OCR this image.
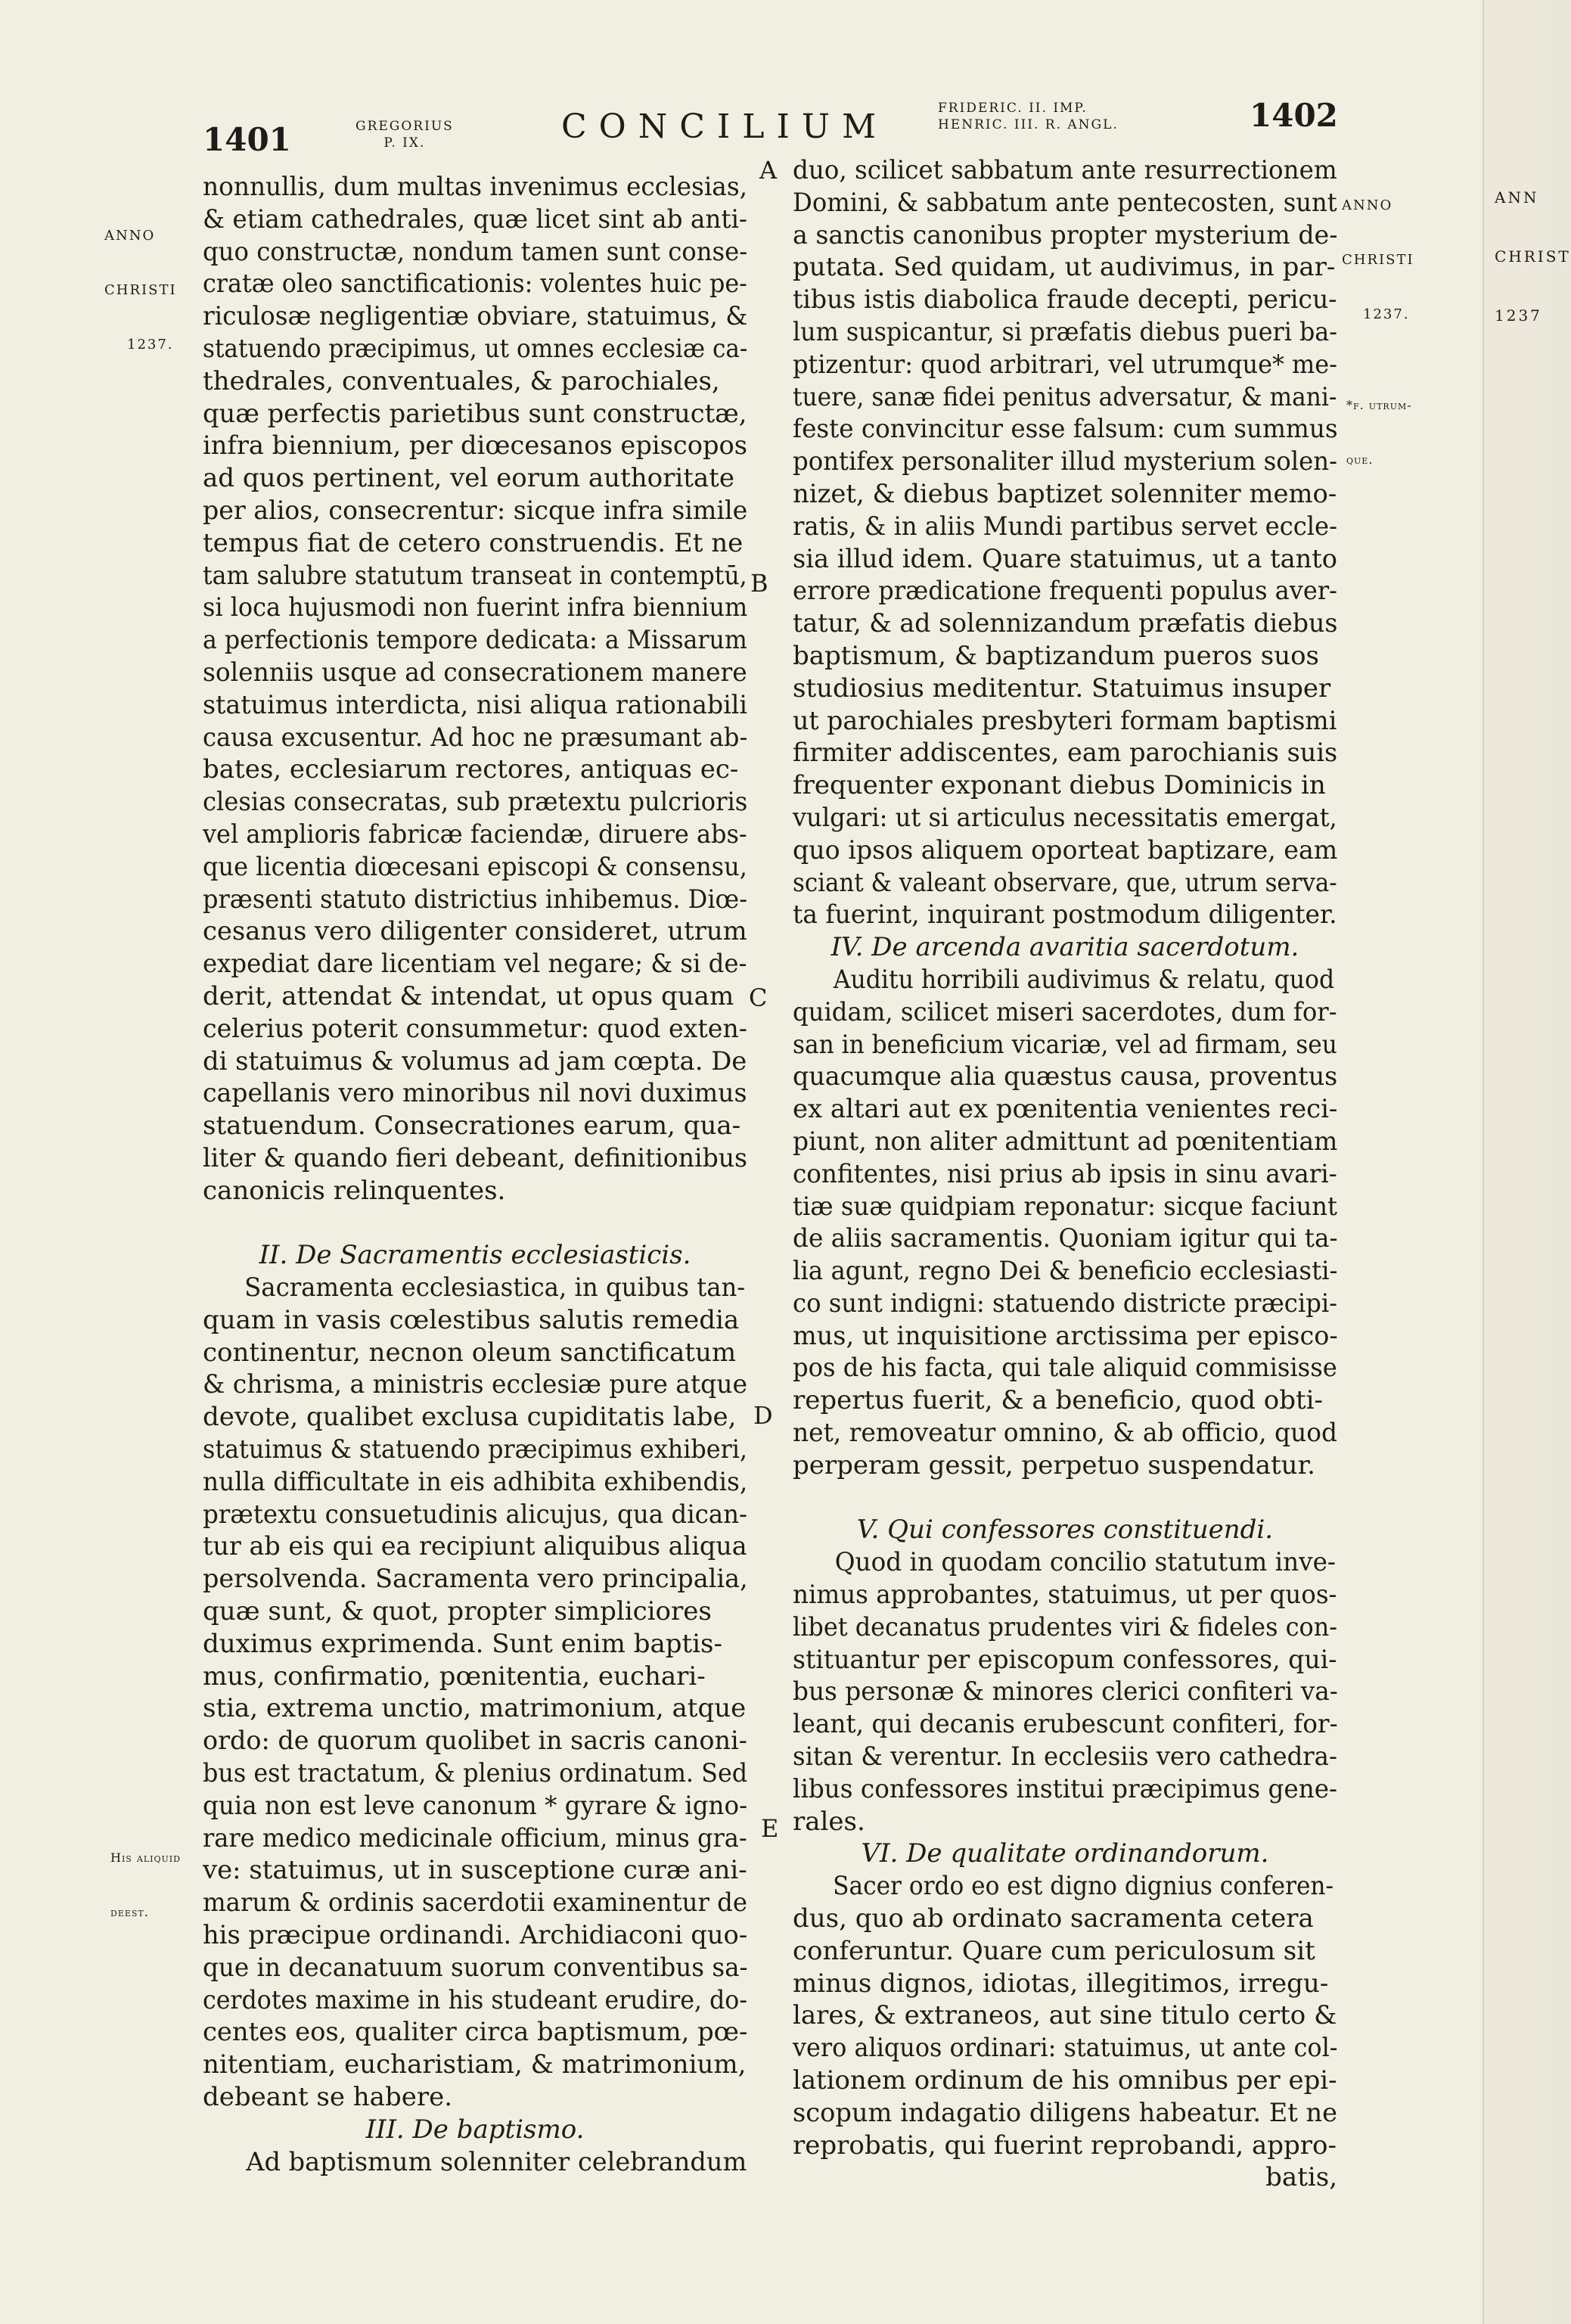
1401	GREGORIUS
P. IX.	CONCILIUM	FRIDERIC. II. IMP.
HENRIC. III. R. ANGL.	1402

ANNO

CHRISTI

1237.

ANNO

CHRISTI

1237.

His aliquid

deest.

*f. utrum-

que.

A
B
C
D
E
nonnullis, dum multas invenimus ecclesias,
& etiam cathedrales, quæ licet sint ab anti-
quo constructæ, nondum tamen sunt conse-
cratæ oleo sanctificationis: volentes huic pe-
riculosæ negligentiæ obviare, statuimus, &
statuendo præcipimus, ut omnes ecclesiæ ca-
thedrales, conventuales, & parochiales,
quæ perfectis parietibus sunt constructæ,
infra biennium, per diœcesanos episcopos
ad quos pertinent, vel eorum authoritate
per alios, consecrentur: sicque infra simile
tempus fiat de cetero construendis. Et ne
tam salubre statutum transeat in contemptū,
si loca hujusmodi non fuerint infra biennium
a perfectionis tempore dedicata: a Missarum
solenniis usque ad consecrationem manere
statuimus interdicta, nisi aliqua rationabili
causa excusentur. Ad hoc ne præsumant ab-
bates, ecclesiarum rectores, antiquas ec-
clesias consecratas, sub prætextu pulcrioris
vel amplioris fabricæ faciendæ, diruere abs-
que licentia diœcesani episcopi & consensu,
præsenti statuto districtius inhibemus. Diœ-
cesanus vero diligenter consideret, utrum
expediat dare licentiam vel negare; & si de-
derit, attendat & intendat, ut opus quam
celerius poterit consummetur: quod exten-
di statuimus & volumus ad jam cœpta. De
capellanis vero minoribus nil novi duximus
statuendum. Consecrationes earum, qua-
liter & quando fieri debeant, definitionibus
canonicis relinquentes.
II. De Sacramentis ecclesiasticis.
Sacramenta ecclesiastica, in quibus tan-
quam in vasis cœlestibus salutis remedia
continentur, necnon oleum sanctificatum
& chrisma, a ministris ecclesiæ pure atque
devote, qualibet exclusa cupiditatis labe,
statuimus & statuendo præcipimus exhiberi,
nulla difficultate in eis adhibita exhibendis,
prætextu consuetudinis alicujus, qua dican-
tur ab eis qui ea recipiunt aliquibus aliqua
persolvenda. Sacramenta vero principalia,
quæ sunt, & quot, propter simpliciores
duximus exprimenda. Sunt enim baptis-
mus, confirmatio, pœnitentia, euchari-
stia, extrema unctio, matrimonium, atque
ordo: de quorum quolibet in sacris canoni-
bus est tractatum, & plenius ordinatum. Sed
quia non est leve canonum * gyrare & igno-
rare medico medicinale officium, minus gra-
ve: statuimus, ut in susceptione curæ ani-
marum & ordinis sacerdotii examinentur de
his præcipue ordinandi. Archidiaconi quo-
que in decanatuum suorum conventibus sa-
cerdotes maxime in his studeant erudire, do-
centes eos, qualiter circa baptismum, pœ-
nitentiam, eucharistiam, & matrimonium,
debeant se habere.
III. De baptismo.
Ad baptismum solenniter celebrandum
duo, scilicet sabbatum ante resurrectionem
Domini, & sabbatum ante pentecosten, sunt
a sanctis canonibus propter mysterium de-
putata. Sed quidam, ut audivimus, in par-
tibus istis diabolica fraude decepti, pericu-
lum suspicantur, si præfatis diebus pueri ba-
ptizentur: quod arbitrari, vel utrumque* me-
tuere, sanæ fidei penitus adversatur, & mani-
feste convincitur esse falsum: cum summus
pontifex personaliter illud mysterium solen-
nizet, & diebus baptizet solenniter memo-
ratis, & in aliis Mundi partibus servet eccle-
sia illud idem. Quare statuimus, ut a tanto
errore prædicatione frequenti populus aver-
tatur, & ad solennizandum præfatis diebus
baptismum, & baptizandum pueros suos
studiosius meditentur. Statuimus insuper
ut parochiales presbyteri formam baptismi
firmiter addiscentes, eam parochianis suis
frequenter exponant diebus Dominicis in
vulgari: ut si articulus necessitatis emergat,
quo ipsos aliquem oporteat baptizare, eam
sciant & valeant observare, que, utrum serva-
ta fuerint, inquirant postmodum diligenter.
IV. De arcenda avaritia sacerdotum.
Auditu horribili audivimus & relatu, quod
quidam, scilicet miseri sacerdotes, dum for-
san in beneficium vicariæ, vel ad firmam, seu
quacumque alia quæstus causa, proventus
ex altari aut ex pœnitentia venientes reci-
piunt, non aliter admittunt ad pœnitentiam
confitentes, nisi prius ab ipsis in sinu avari-
tiæ suæ quidpiam reponatur: sicque faciunt
de aliis sacramentis. Quoniam igitur qui ta-
lia agunt, regno Dei & beneficio ecclesiasti-
co sunt indigni: statuendo districte præcipi-
mus, ut inquisitione arctissima per episco-
pos de his facta, qui tale aliquid commisisse
repertus fuerit, & a beneficio, quod obti-
net, removeatur omnino, & ab officio, quod
perperam gessit, perpetuo suspendatur.
V. Qui confessores constituendi.
Quod in quodam concilio statutum inve-
nimus approbantes, statuimus, ut per quos-
libet decanatus prudentes viri & fideles con-
stituantur per episcopum confessores, qui-
bus personæ & minores clerici confiteri va-
leant, qui decanis erubescunt confiteri, for-
sitan & verentur. In ecclesiis vero cathedra-
libus confessores institui præcipimus gene-
rales.
VI. De qualitate ordinandorum.
Sacer ordo eo est digno dignius conferen-
dus, quo ab ordinato sacramenta cetera
conferuntur. Quare cum periculosum sit
minus dignos, idiotas, illegitimos, irregu-
lares, & extraneos, aut sine titulo certo &
vero aliquos ordinari: statuimus, ut ante col-
lationem ordinum de his omnibus per epi-
scopum indagatio diligens habeatur. Et ne
reprobatis, qui fuerint reprobandi, appro-
batis,

ANN

CHRIST

1237
